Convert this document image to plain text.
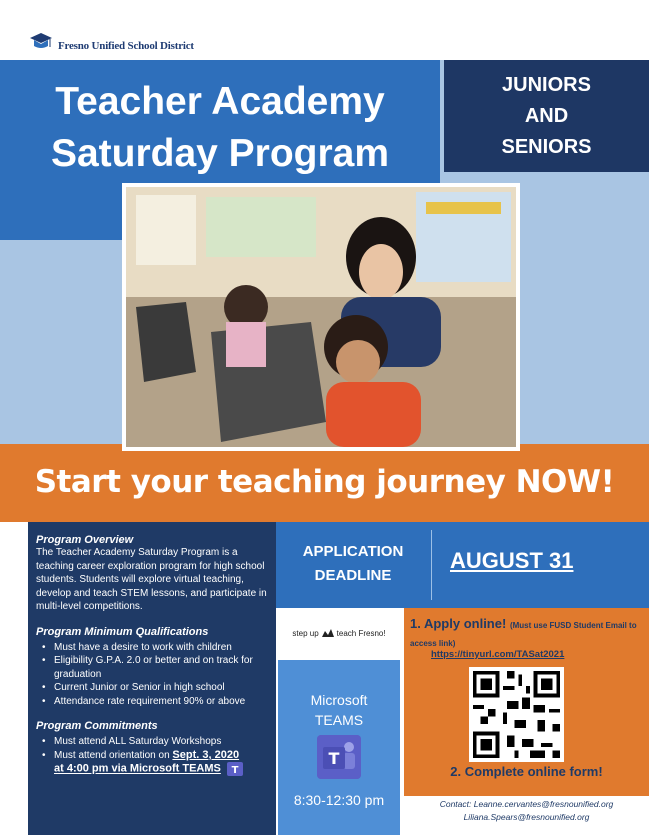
Fresno Unified School District
Teacher Academy
Saturday Program
JUNIORS
AND
SENIORS
Start your teaching journey NOW!
Program Overview
The Teacher Academy Saturday Program is a teaching career exploration program for high school students. Students will explore virtual teaching, develop and teach STEM lessons, and participate in multi-level competitions.
Program Minimum Qualifications
• Must have a desire to work with children
• Eligibility G.P.A. 2.0 or better and on track for graduation
• Current Junior or Senior in high school
• Attendance rate requirement 90% or above
Program Commitments
• Must attend ALL Saturday Workshops
• Must attend orientation on Sept. 3, 2020
at 4:00 pm via Microsoft TEAMS T
APPLICATION
DEADLINE
AUGUST 31
step up teach Fresno!
Microsoft
TEAMS
T
8:30-12:30 pm
1. Apply online! (Must use FUSD Student Email to access link)
https://tinyurl.com/TASat2021
2. Complete online form!
Contact: Leanne.cervantes@fresnounified.org
Liliana.Spears@fresnounified.org
